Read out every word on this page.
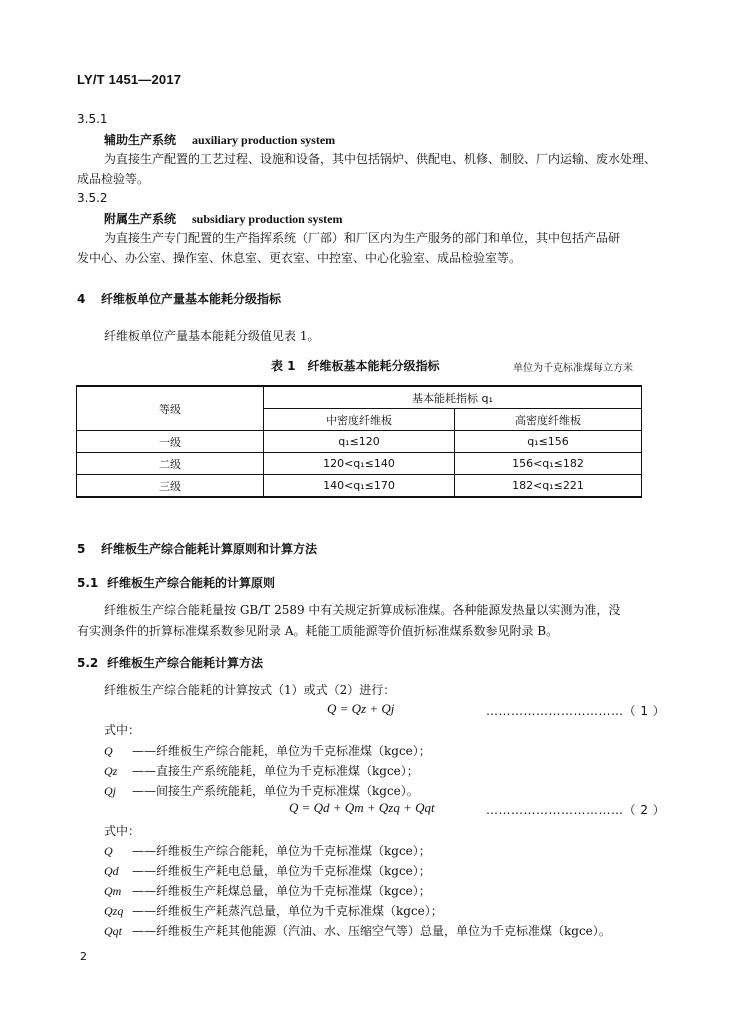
LY/T 1451—2017
3.5.1
辅助生产系统 auxiliary production system
为直接生产配置的工艺过程、设施和设备，其中包括锅炉、供配电、机修、制胶、厂内运输、废水处理、
成品检验等。
3.5.2
附属生产系统 subsidiary production system
为直接生产专门配置的生产指挥系统（厂部）和厂区内为生产服务的部门和单位，其中包括产品研
发中心、办公室、操作室、休息室、更衣室、中控室、中心化验室、成品检验室等。
4 纤维板单位产量基本能耗分级指标
纤维板单位产量基本能耗分级值见表 1。
表 1　纤维板基本能耗分级指标	单位为千克标准煤每立方米
等级	基本能耗指标 q₁	
	中密度纤维板	高密度纤维板
一级	q₁≤120	q₁≤156
二级	120<q₁≤140	156<q₁≤182
三级	140<q₁≤170	182<q₁≤221
5 纤维板生产综合能耗计算原则和计算方法
5.1 纤维板生产综合能耗的计算原则
纤维板生产综合能耗量按 GB/T 2589 中有关规定折算成标准煤。各种能源发热量以实测为准，没
有实测条件的折算标准煤系数参见附录 A。耗能工质能源等价值折标准煤系数参见附录 B。
5.2 纤维板生产综合能耗计算方法
纤维板生产综合能耗的计算按式（1）或式（2）进行：
Q = Qz + Qj	……………………………（ 1 ）
式中：
Q ——纤维板生产综合能耗，单位为千克标准煤（kgce）；
Qz ——直接生产系统能耗，单位为千克标准煤（kgce）；
Qj ——间接生产系统能耗，单位为千克标准煤（kgce）。
Q = Qd + Qm + Qzq + Qqt	……………………………（ 2 ）
式中：
Q ——纤维板生产综合能耗，单位为千克标准煤（kgce）；
Qd ——纤维板生产耗电总量，单位为千克标准煤（kgce）；
Qm ——纤维板生产耗煤总量，单位为千克标准煤（kgce）；
Qzq ——纤维板生产耗蒸汽总量，单位为千克标准煤（kgce）；
Qqt ——纤维板生产耗其他能源（汽油、水、压缩空气等）总量，单位为千克标准煤（kgce）。
2
